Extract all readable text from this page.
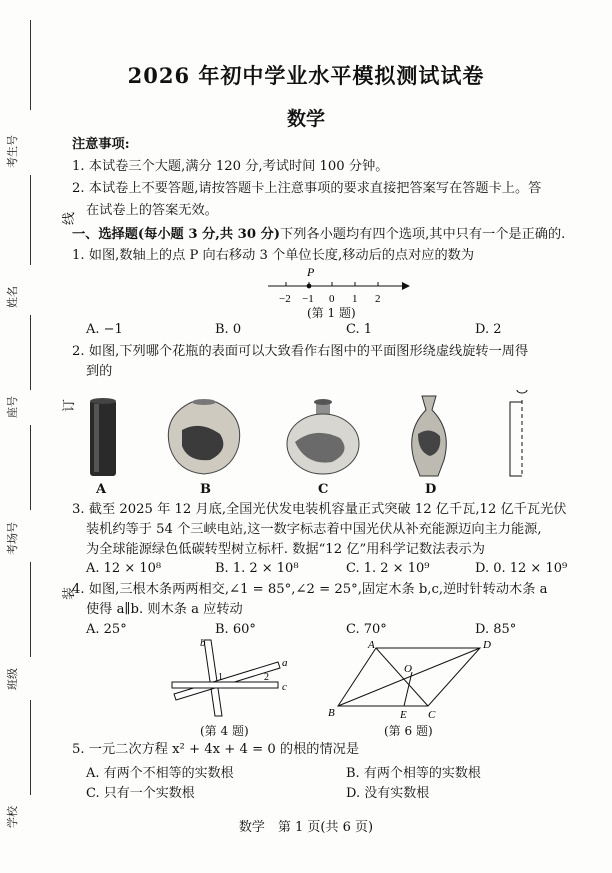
考生号
姓名
座号
考场号
班级
学校
线
订
装
2026 年初中学业水平模拟测试试卷
数学
注意事项:
1. 本试卷三个大题,满分 120 分,考试时间 100 分钟。
2. 本试卷上不要答题,请按答题卡上注意事项的要求直接把答案写在答题卡上。答
在试卷上的答案无效。
一、选择题(每小题 3 分,共 30 分)下列各小题均有四个选项,其中只有一个是正确的.
1. 如图,数轴上的点 P 向右移动 3 个单位长度,移动后的点对应的数为
P
−2 −1 0 1 2
(第 1 题)
A. −1	B. 0	C. 1	D. 2
2. 如图,下列哪个花瓶的表面可以大致看作右图中的平面图形绕虚线旋转一周得
到的
A	B	C	D
3. 截至 2025 年 12 月底,全国光伏发电装机容量正式突破 12 亿千瓦,12 亿千瓦光伏
装机约等于 54 个三峡电站,这一数字标志着中国光伏从补充能源迈向主力能源,
为全球能源绿色低碳转型树立标杆. 数据“12 亿”用科学记数法表示为
A. 12 × 10⁸	B. 1. 2 × 10⁸	C. 1. 2 × 10⁹	D. 0. 12 × 10⁹
4. 如图,三根木条两两相交,∠1 = 85°,∠2 = 25°,固定木条 b,c,逆时针转动木条 a
使得 a∥b. 则木条 a 应转动
A. 25°	B. 60°	C. 70°	D. 85°
b
a
c
1	2
(第 4 题)
A	D
O
B	E C
(第 6 题)
5. 一元二次方程 x² + 4x + 4 = 0 的根的情况是
A. 有两个不相等的实数根	B. 有两个相等的实数根
C. 只有一个实数根	D. 没有实数根
数学　第 1 页(共 6 页)
